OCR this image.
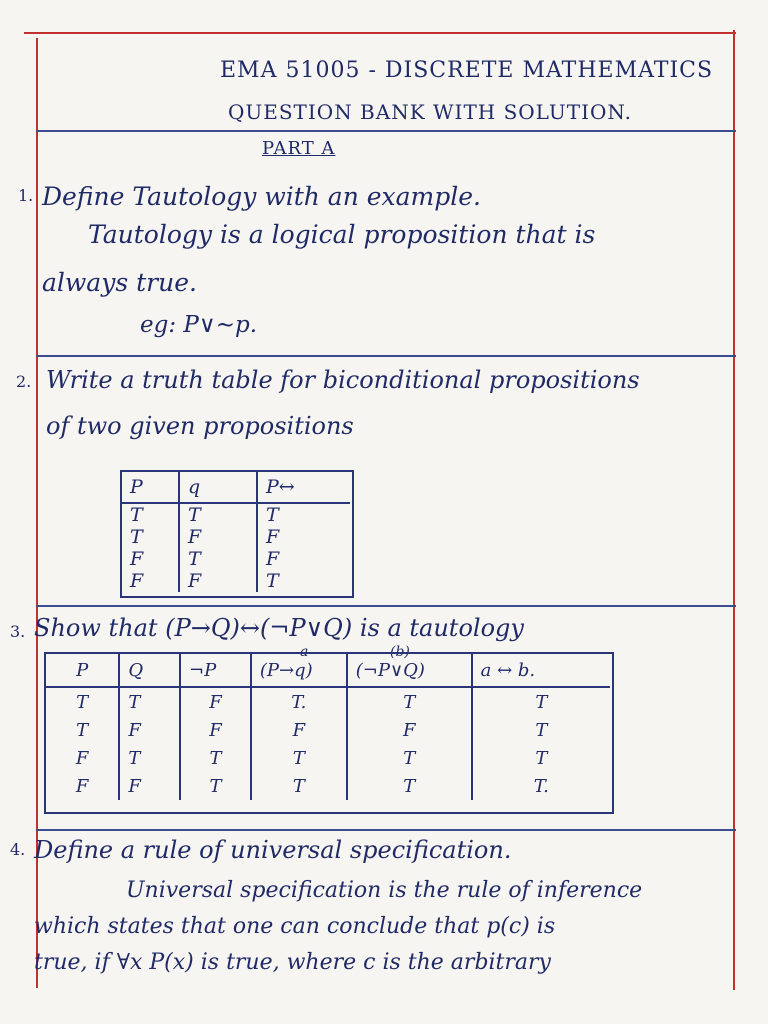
EMA 51005 - DISCRETE MATHEMATICS
QUESTION BANK WITH SOLUTION.
PART A
1. Define Tautology with an example.
Tautology is a logical proposition that is
always true.
eg: P∨∼p.
2. Write a truth table for biconditional propositions
of two given propositions
P	q	P↔
T	T	T
T	F	F
F	T	F
F	F	T
3. Show that (P→Q)↔(¬P∨Q) is a tautology
a	(b)
P	Q	¬P	(P→q)	(¬P∨Q)	a ↔ b.
T	T	F	T.	T	T
T	F	F	F	F	T
F	T	T	T	T	T
F	F	T	T	T	T.
4. Define a rule of universal specification.
Universal specification is the rule of inference
which states that one can conclude that p(c) is
true, if ∀x P(x) is true, where c is the arbitrary
